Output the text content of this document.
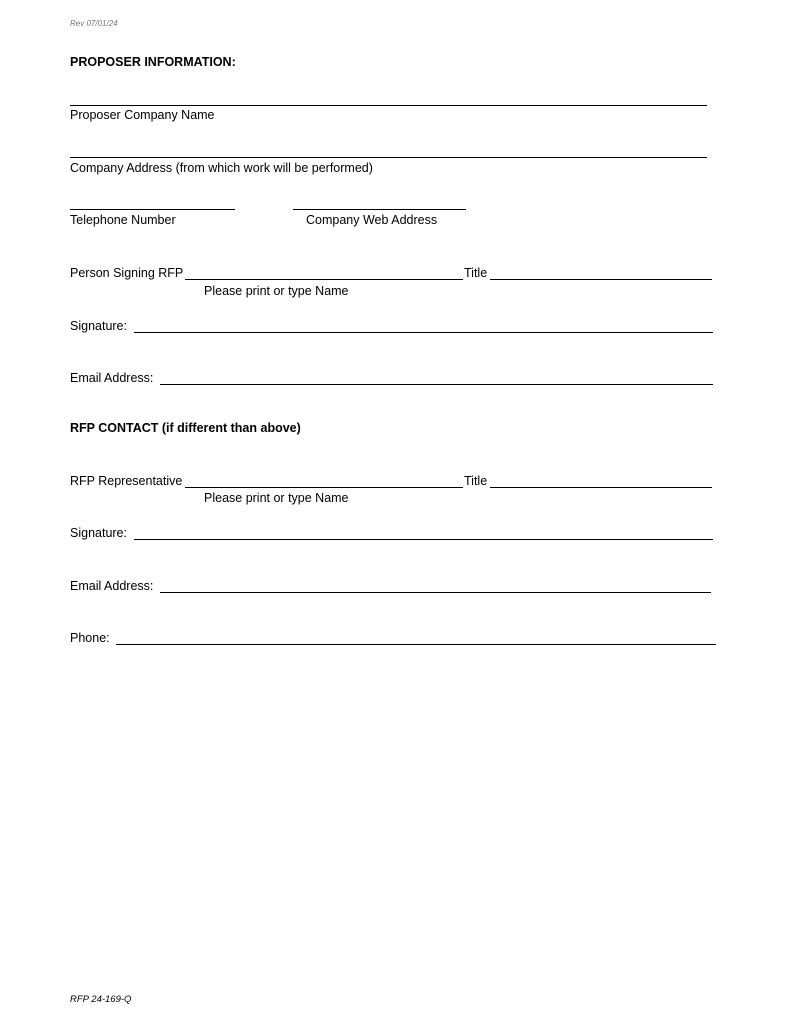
Rev 07/01/24
PROPOSER INFORMATION:
Proposer Company Name
Company Address (from which work will be performed)
Telephone Number	Company Web Address
Person Signing RFP	Title
Please print or type Name
Signature:
Email Address:
RFP CONTACT (if different than above)
RFP Representative	Title
Please print or type Name
Signature:
Email Address:
Phone:
RFP 24-169-Q
